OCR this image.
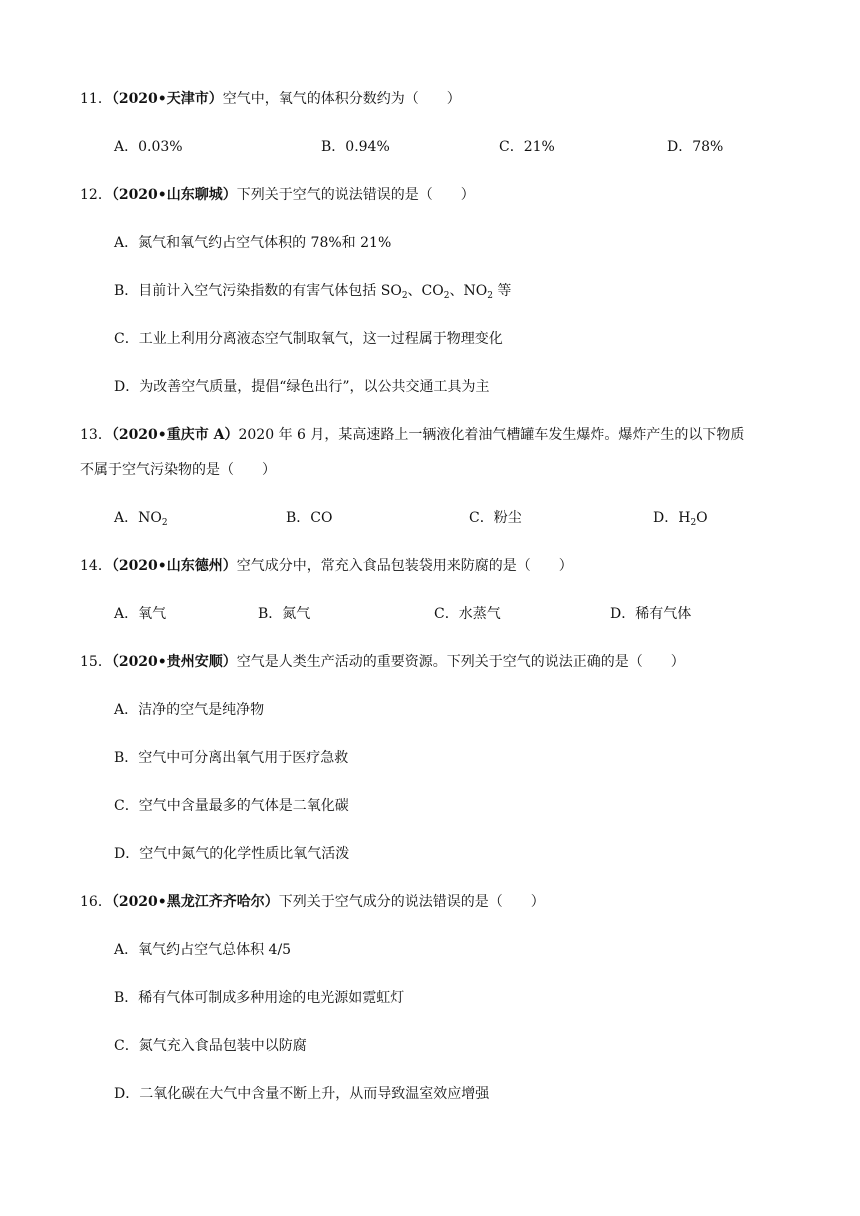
11．（2020•天津市）空气中，氧气的体积分数约为（　　）
A．0.03%	B．0.94%	C．21%	D．78%
12．（2020•山东聊城）下列关于空气的说法错误的是（　　）
A．氮气和氧气约占空气体积的 78%和 21%
B．目前计入空气污染指数的有害气体包括 $SO_2$、$CO_2$、$NO_2$ 等
C．工业上利用分离液态空气制取氧气，这一过程属于物理变化
D．为改善空气质量，提倡“绿色出行”，以公共交通工具为主
13．（2020•重庆市 A）2020 年 6 月，某高速路上一辆液化着油气槽罐车发生爆炸。爆炸产生的以下物质
不属于空气污染物的是（　　）
A．$NO_2$	B．CO	C．粉尘	D．$H_2O$
14．（2020•山东德州）空气成分中，常充入食品包装袋用来防腐的是（　　）
A．氧气	B．氮气	C．水蒸气	D．稀有气体
15．（2020•贵州安顺）空气是人类生产活动的重要资源。下列关于空气的说法正确的是（　　）
A．洁净的空气是纯净物
B．空气中可分离出氧气用于医疗急救
C．空气中含量最多的气体是二氧化碳
D．空气中氮气的化学性质比氧气活泼
16．（2020•黑龙江齐齐哈尔）下列关于空气成分的说法错误的是（　　）
A．氧气约占空气总体积 4/5
B．稀有气体可制成多种用途的电光源如霓虹灯
C．氮气充入食品包装中以防腐
D．二氧化碳在大气中含量不断上升，从而导致温室效应增强
